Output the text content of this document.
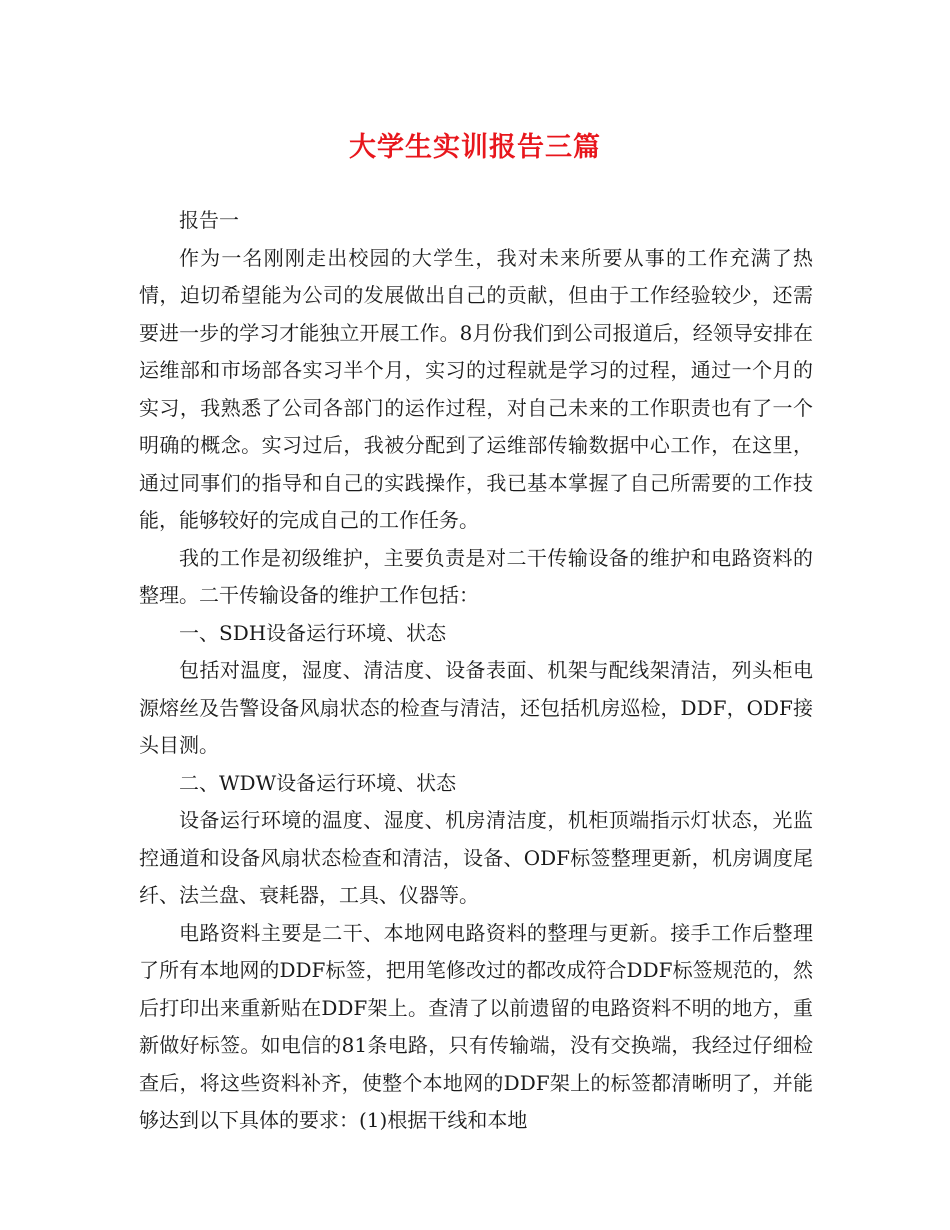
大学生实训报告三篇

报告一

作为一名刚刚走出校园的大学生，我对未来所要从事的工作充满了热情，迫切希望能为公司的发展做出自己的贡献，但由于工作经验较少，还需要进一步的学习才能独立开展工作。8月份我们到公司报道后，经领导安排在运维部和市场部各实习半个月，实习的过程就是学习的过程，通过一个月的实习，我熟悉了公司各部门的运作过程，对自己未来的工作职责也有了一个明确的概念。实习过后，我被分配到了运维部传输数据中心工作，在这里，通过同事们的指导和自己的实践操作，我已基本掌握了自己所需要的工作技能，能够较好的完成自己的工作任务。

我的工作是初级维护，主要负责是对二干传输设备的维护和电路资料的整理。二干传输设备的维护工作包括：

一、SDH设备运行环境、状态

包括对温度，湿度、清洁度、设备表面、机架与配线架清洁，列头柜电源熔丝及告警设备风扇状态的检查与清洁，还包括机房巡检，DDF，ODF接头目测。

二、WDW设备运行环境、状态

设备运行环境的温度、湿度、机房清洁度，机柜顶端指示灯状态，光监控通道和设备风扇状态检查和清洁，设备、ODF标签整理更新，机房调度尾纤、法兰盘、衰耗器，工具、仪器等。

电路资料主要是二干、本地网电路资料的整理与更新。接手工作后整理了所有本地网的DDF标签，把用笔修改过的都改成符合DDF标签规范的，然后打印出来重新贴在DDF架上。查清了以前遗留的电路资料不明的地方，重新做好标签。如电信的81条电路，只有传输端，没有交换端，我经过仔细检查后，将这些资料补齐，使整个本地网的DDF架上的标签都清晰明了，并能够达到以下具体的要求：(1)根据干线和本地
